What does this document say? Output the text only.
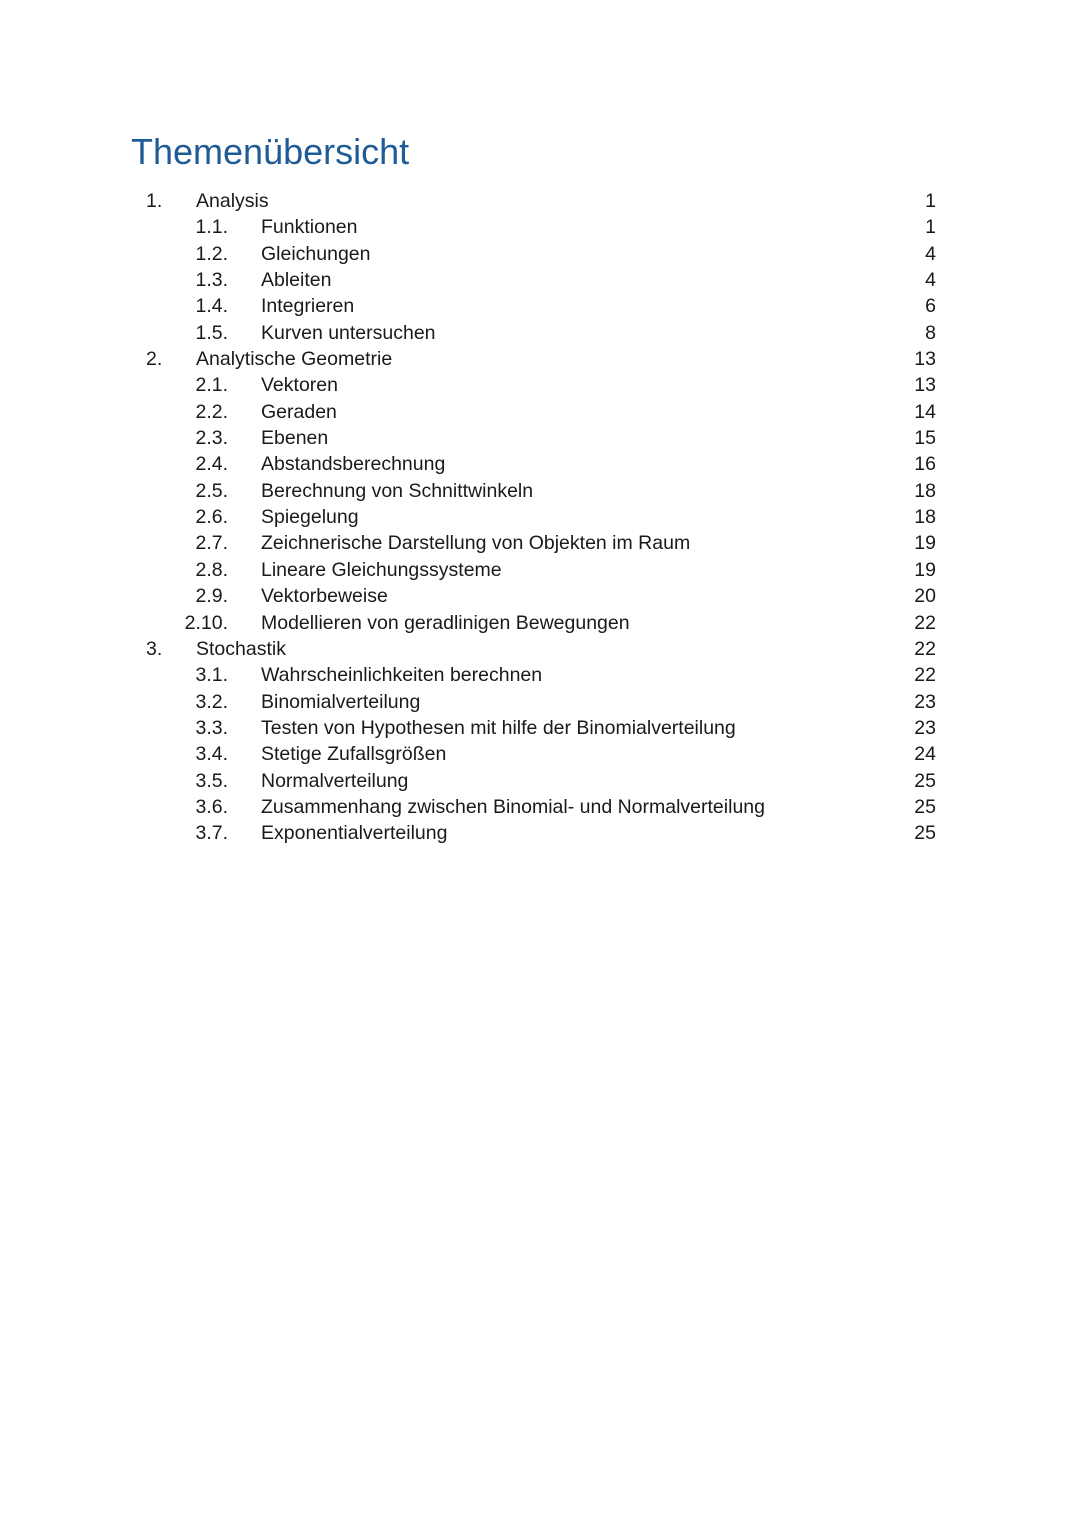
Themenübersicht
1. Analysis	1
1.1. Funktionen	1
1.2. Gleichungen	4
1.3. Ableiten	4
1.4. Integrieren	6
1.5. Kurven untersuchen	8
2. Analytische Geometrie	13
2.1. Vektoren	13
2.2. Geraden	14
2.3. Ebenen	15
2.4. Abstandsberechnung	16
2.5. Berechnung von Schnittwinkeln	18
2.6. Spiegelung	18
2.7. Zeichnerische Darstellung von Objekten im Raum	19
2.8. Lineare Gleichungssysteme	19
2.9. Vektorbeweise	20
2.10. Modellieren von geradlinigen Bewegungen	22
3. Stochastik	22
3.1. Wahrscheinlichkeiten berechnen	22
3.2. Binomialverteilung	23
3.3. Testen von Hypothesen mit hilfe der Binomialverteilung	23
3.4. Stetige Zufallsgrößen	24
3.5. Normalverteilung	25
3.6. Zusammenhang zwischen Binomial- und Normalverteilung	25
3.7. Exponentialverteilung	25
